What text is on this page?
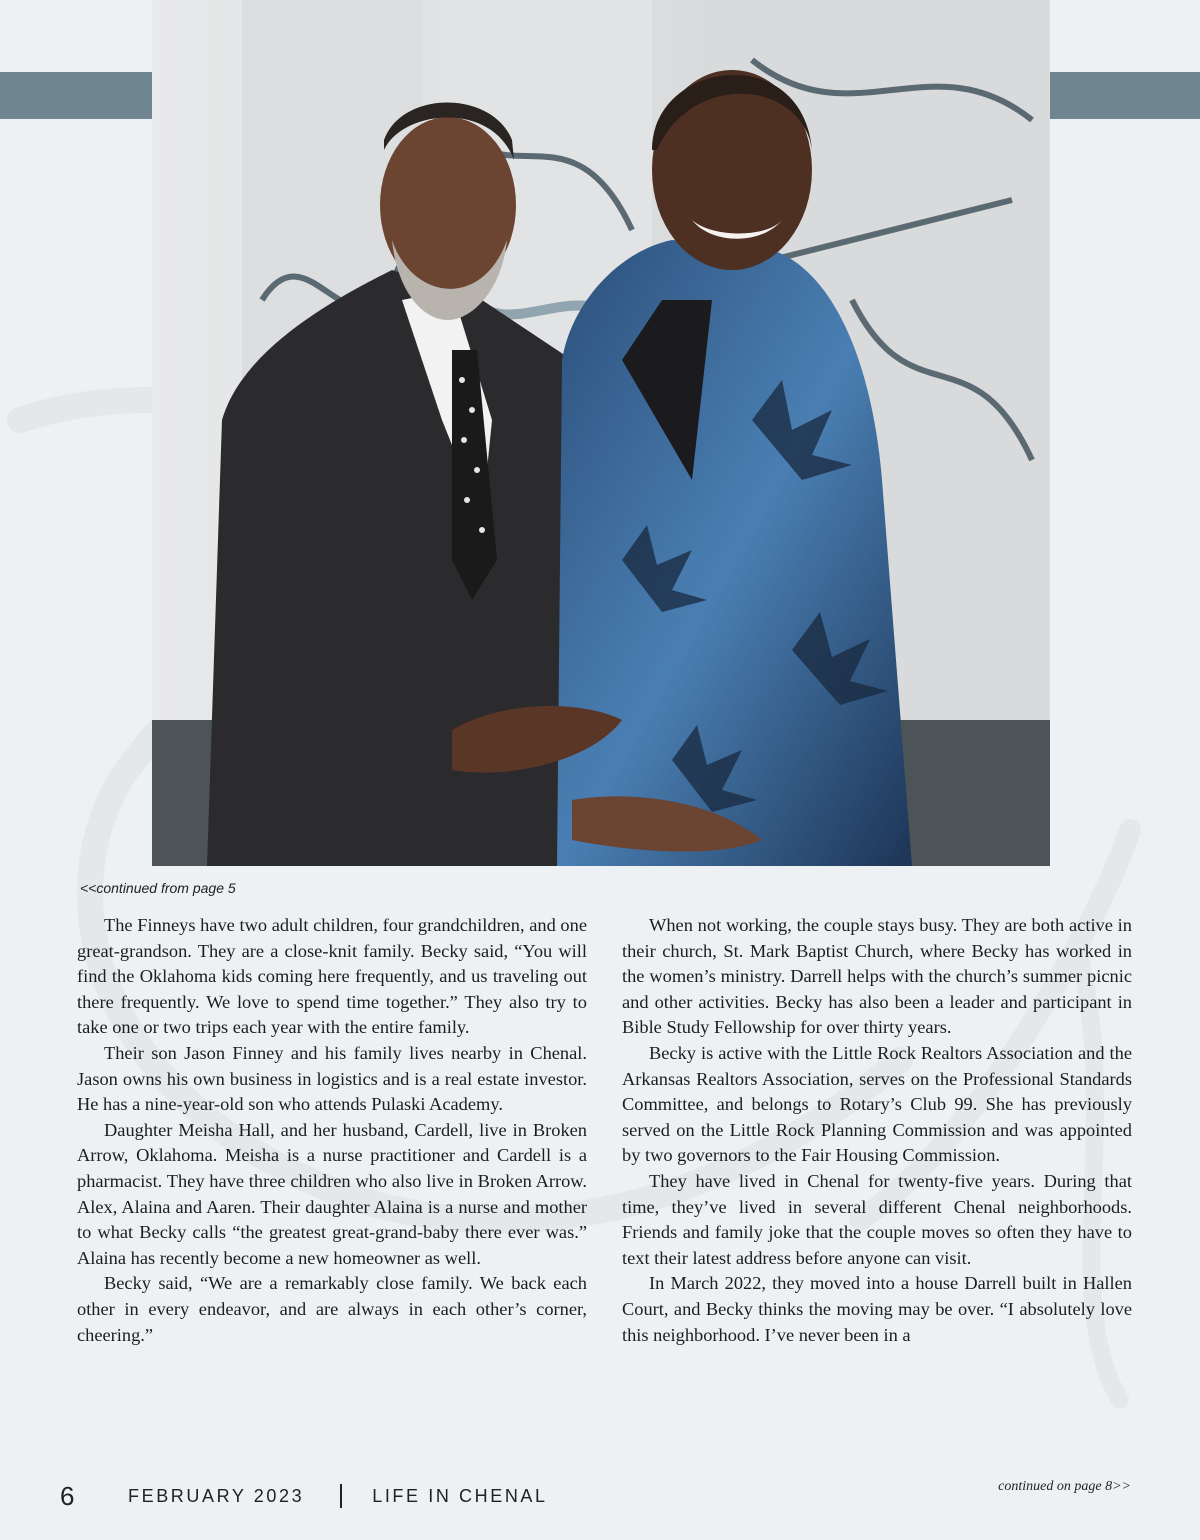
<<continued from page 5

The Finneys have two adult children, four grandchildren, and one great-grandson. They are a close-knit family. Becky said, “You will find the Oklahoma kids coming here frequently, and us traveling out there frequently. We love to spend time together.” They also try to take one or two trips each year with the entire family.

Their son Jason Finney and his family lives nearby in Chenal. Jason owns his own business in logistics and is a real estate investor. He has a nine-year-old son who attends Pulaski Academy.

Daughter Meisha Hall, and her husband, Cardell, live in Broken Arrow, Oklahoma. Meisha is a nurse practitioner and Cardell is a pharmacist. They have three children who also live in Broken Arrow. Alex, Alaina and Aaren. Their daughter Alaina is a nurse and mother to what Becky calls “the greatest great-grand-baby there ever was.” Alaina has recently become a new homeowner as well.

Becky said, “We are a remarkably close family. We back each other in every endeavor, and are always in each other’s corner, cheering.”

When not working, the couple stays busy. They are both active in their church, St. Mark Baptist Church, where Becky has worked in the women’s ministry. Darrell helps with the church’s summer picnic and other activities. Becky has also been a leader and participant in Bible Study Fellowship for over thirty years.

Becky is active with the Little Rock Realtors Association and the Arkansas Realtors Association, serves on the Professional Standards Committee, and belongs to Rotary’s Club 99. She has previously served on the Little Rock Planning Commission and was appointed by two governors to the Fair Housing Commission.

They have lived in Chenal for twenty-five years. During that time, they’ve lived in several different Chenal neighborhoods. Friends and family joke that the couple moves so often they have to text their latest address before anyone can visit.

In March 2022, they moved into a house Darrell built in Hallen Court, and Becky thinks the moving may be over. “I absolutely love this neighborhood. I’ve never been in a

continued on page 8>>
6	FEBRUARY 2023	LIFE IN CHENAL
